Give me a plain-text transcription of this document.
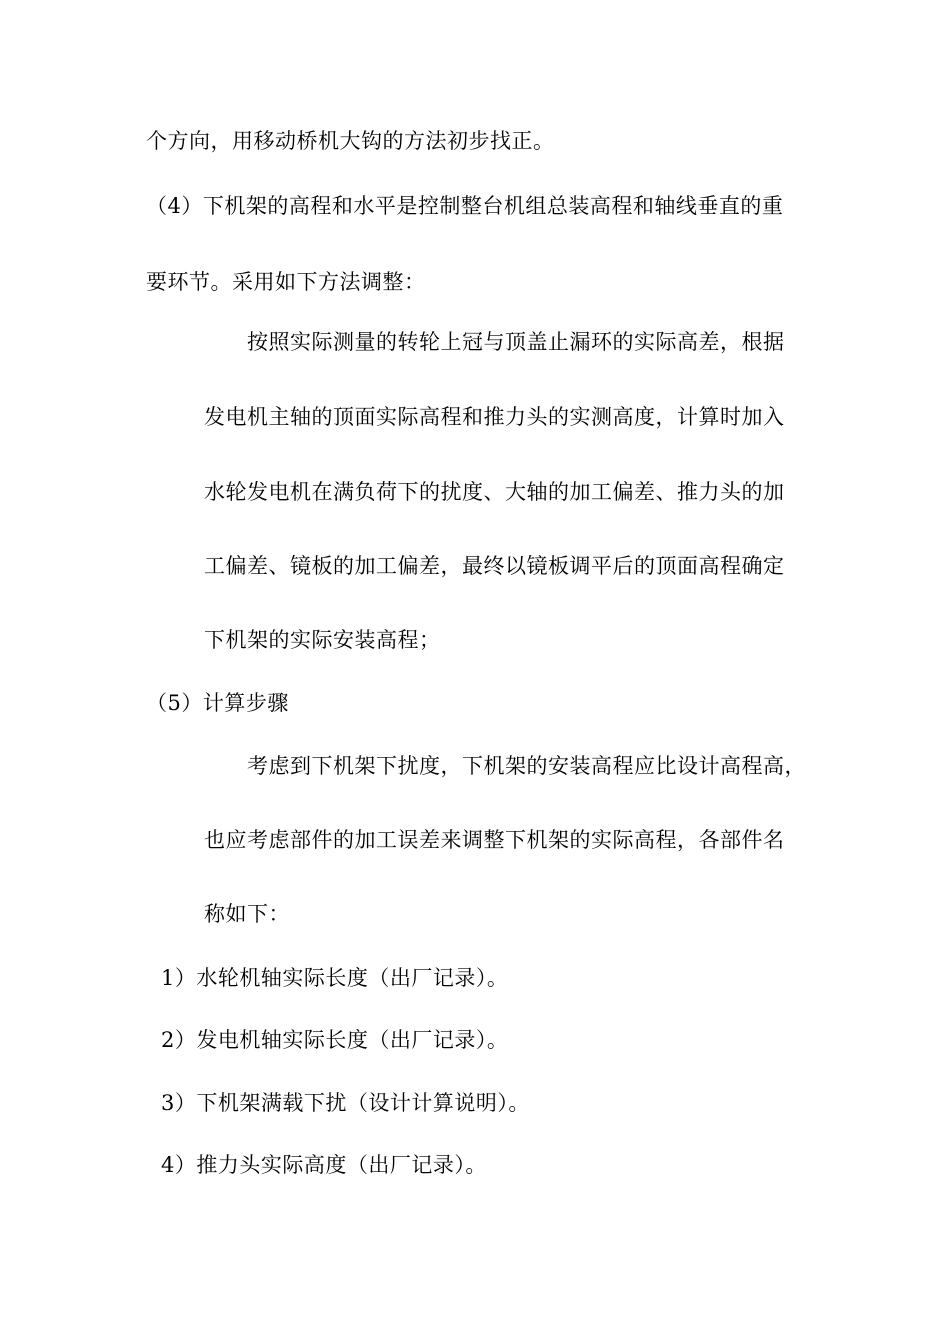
个方向，用移动桥机大钩的方法初步找正。
（4）下机架的高程和水平是控制整台机组总装高程和轴线垂直的重
要环节。采用如下方法调整：
按照实际测量的转轮上冠与顶盖止漏环的实际高差，根据
发电机主轴的顶面实际高程和推力头的实测高度，计算时加入
水轮发电机在满负荷下的扰度、大轴的加工偏差、推力头的加
工偏差、镜板的加工偏差，最终以镜板调平后的顶面高程确定
下机架的实际安装高程；
（5）计算步骤
考虑到下机架下扰度，下机架的安装高程应比设计高程高，
也应考虑部件的加工误差来调整下机架的实际高程，各部件名
称如下：
1）水轮机轴实际长度（出厂记录）。
2）发电机轴实际长度（出厂记录）。
3）下机架满载下扰（设计计算说明）。
4）推力头实际高度（出厂记录）。
